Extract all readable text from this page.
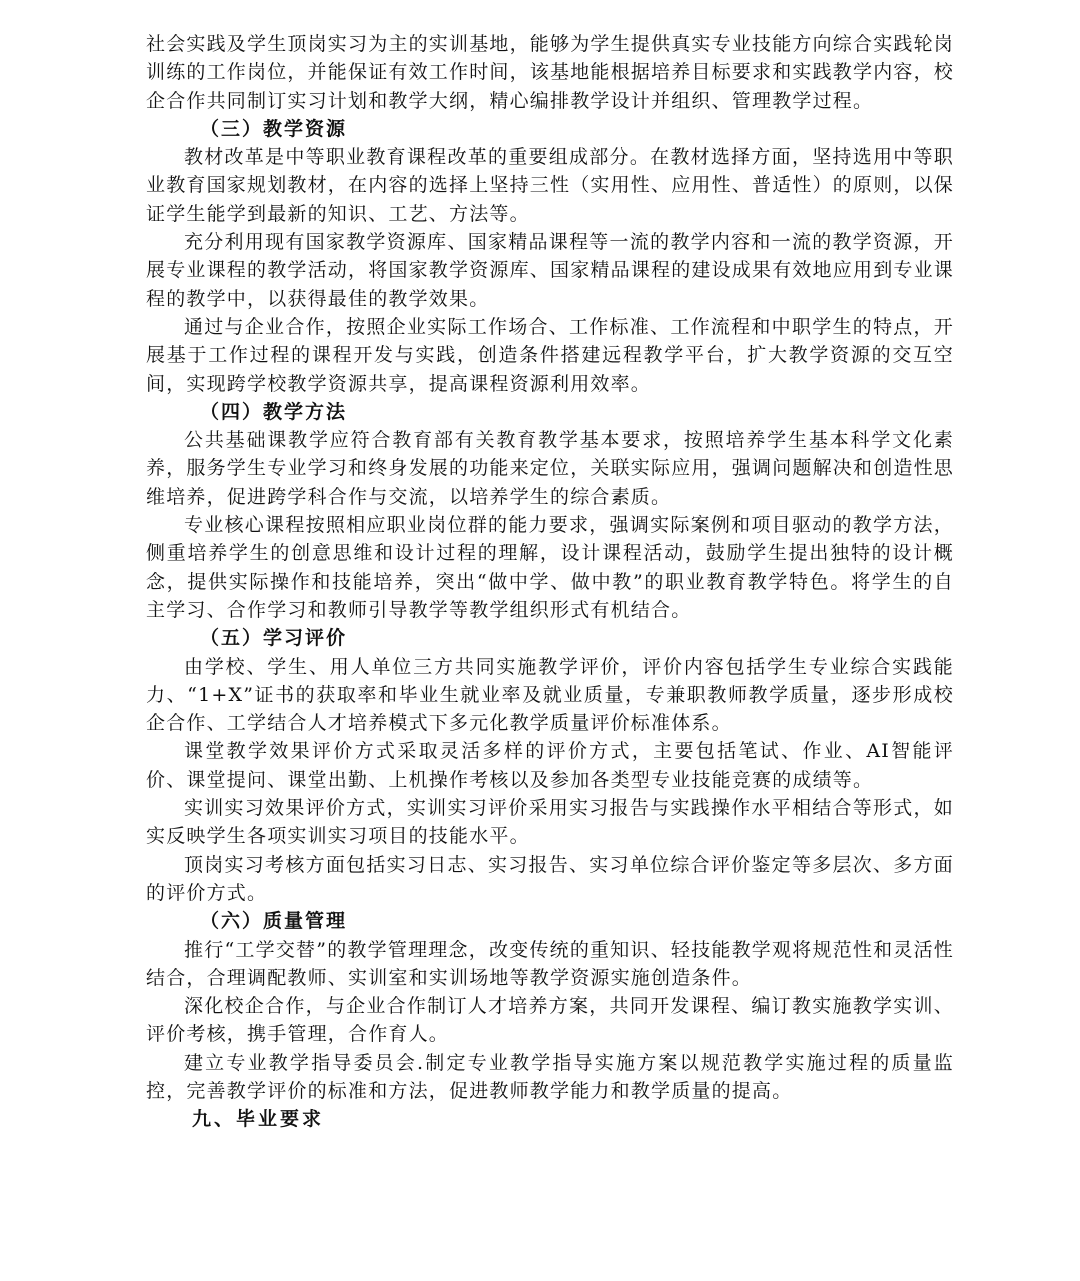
社会实践及学生顶岗实习为主的实训基地，能够为学生提供真实专业技能方向综合实践轮岗训练的工作岗位，并能保证有效工作时间，该基地能根据培养目标要求和实践教学内容，校企合作共同制订实习计划和教学大纲，精心编排教学设计并组织、管理教学过程。

（三）教学资源

教材改革是中等职业教育课程改革的重要组成部分。在教材选择方面，坚持选用中等职业教育国家规划教材，在内容的选择上坚持三性（实用性、应用性、普适性）的原则，以保证学生能学到最新的知识、工艺、方法等。

充分利用现有国家教学资源库、国家精品课程等一流的教学内容和一流的教学资源，开展专业课程的教学活动，将国家教学资源库、国家精品课程的建设成果有效地应用到专业课程的教学中，以获得最佳的教学效果。

通过与企业合作，按照企业实际工作场合、工作标准、工作流程和中职学生的特点，开展基于工作过程的课程开发与实践，创造条件搭建远程教学平台，扩大教学资源的交互空间，实现跨学校教学资源共享，提高课程资源利用效率。

（四）教学方法

公共基础课教学应符合教育部有关教育教学基本要求，按照培养学生基本科学文化素养，服务学生专业学习和终身发展的功能来定位，关联实际应用，强调问题解决和创造性思维培养，促进跨学科合作与交流，以培养学生的综合素质。

专业核心课程按照相应职业岗位群的能力要求，强调实际案例和项目驱动的教学方法，侧重培养学生的创意思维和设计过程的理解，设计课程活动，鼓励学生提出独特的设计概念，提供实际操作和技能培养，突出“做中学、做中教”的职业教育教学特色。将学生的自主学习、合作学习和教师引导教学等教学组织形式有机结合。

（五）学习评价

由学校、学生、用人单位三方共同实施教学评价，评价内容包括学生专业综合实践能力、“1+X”证书的获取率和毕业生就业率及就业质量，专兼职教师教学质量，逐步形成校企合作、工学结合人才培养模式下多元化教学质量评价标准体系。

课堂教学效果评价方式采取灵活多样的评价方式，主要包括笔试、作业、AI智能评价、课堂提问、课堂出勤、上机操作考核以及参加各类型专业技能竞赛的成绩等。

实训实习效果评价方式，实训实习评价采用实习报告与实践操作水平相结合等形式，如实反映学生各项实训实习项目的技能水平。

顶岗实习考核方面包括实习日志、实习报告、实习单位综合评价鉴定等多层次、多方面的评价方式。

（六）质量管理

推行“工学交替”的教学管理理念，改变传统的重知识、轻技能教学观将规范性和灵活性结合，合理调配教师、实训室和实训场地等教学资源实施创造条件。

深化校企合作，与企业合作制订人才培养方案，共同开发课程、编订教实施教学实训、评价考核，携手管理，合作育人。

建立专业教学指导委员会.制定专业教学指导实施方案以规范教学实施过程的质量监控，完善教学评价的标准和方法，促进教师教学能力和教学质量的提高。

九、毕业要求
